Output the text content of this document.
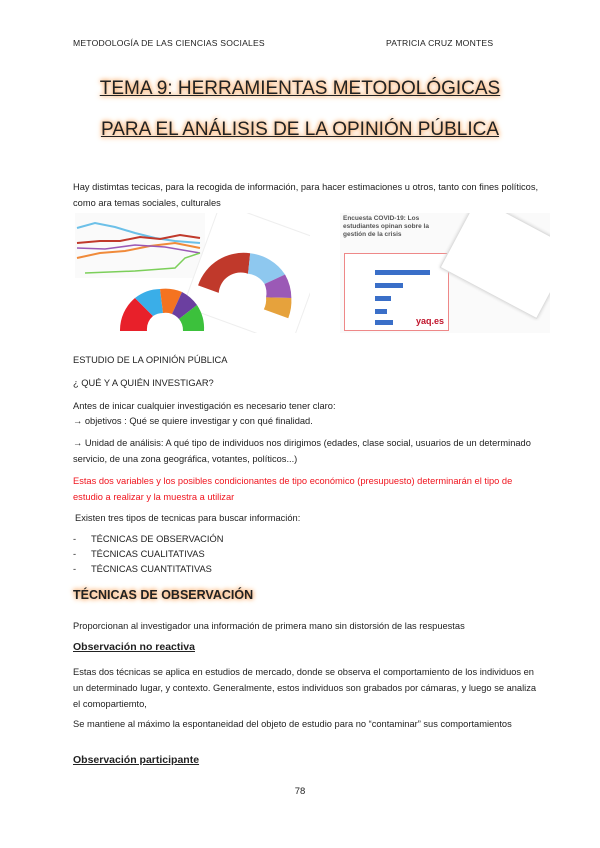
METODOLOGÍA DE LAS CIENCIAS SOCIALES	PATRICIA CRUZ MONTES
TEMA 9: HERRAMIENTAS METODOLÓGICAS
PARA EL ANÁLISIS DE LA OPINIÓN PÚBLICA
Hay distimtas tecicas, para la recogida de información, para hacer estimaciones u otros, tanto con fines políticos, como ara temas sociales, culturales
Encuesta COVID-19: Los estudiantes opinan sobre la gestión de la crisis
yaq.es
ESTUDIO DE LA OPINIÓN PÚBLICA
¿ QUÉ Y A QUIÉN INVESTIGAR?
Antes de inicar cualquier investigación es necesario tener claro:
→ objetivos : Qué se quiere investigar y con qué finalidad.
→ Unidad de análisis: A qué tipo de individuos nos dirigimos (edades, clase social, usuarios de un determinado servicio, de una zona geográfica, votantes, políticos...)
Estas dos variables y los posibles condicionantes de tipo económico (presupuesto) determinarán el tipo de estudio a realizar y la muestra a utilizar
Existen tres tipos de tecnicas para buscar información:
- TÉCNICAS DE OBSERVACIÓN
- TÉCNICAS CUALITATIVAS
- TÉCNICAS CUANTITATIVAS
TÉCNICAS DE OBSERVACIÓN
Proporcionan al investigador una información de primera mano sin distorsión de las respuestas
Observación no reactiva
Estas dos técnicas se aplica en estudios de mercado, donde se observa el comportamiento de los individuos en un determinado lugar, y contexto. Generalmente, estos individuos son grabados por cámaras, y luego se analiza el comopartiemto,
Se mantiene al máximo la espontaneidad del objeto de estudio para no “contaminar” sus comportamientos
Observación participante
78
